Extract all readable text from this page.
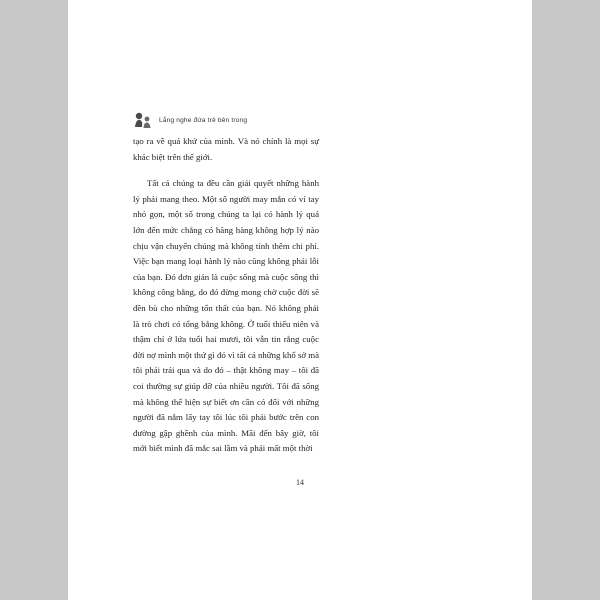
Lắng nghe đứa trẻ bên trong

tạo ra về quá khứ của mình. Và nó chính là mọi sự khác biệt trên thế giới.

Tất cả chúng ta đều cần giải quyết những hành lý phải mang theo. Một số người may mắn có ví tay nhỏ gọn, một số trong chúng ta lại có hành lý quá lớn đến mức chẳng có hãng hàng không hợp lý nào chịu vận chuyển chúng mà không tính thêm chi phí. Việc bạn mang loại hành lý nào cũng không phải lỗi của bạn. Đó đơn giản là cuộc sống mà cuộc sống thì không công bằng, do đó đừng mong chờ cuộc đời sẽ đền bù cho những tổn thất của bạn. Nó không phải là trò chơi có tổng bằng không. Ở tuổi thiếu niên và thậm chí ở lứa tuổi hai mươi, tôi vẫn tin rằng cuộc đời nợ mình một thứ gì đó vì tất cả những khổ sở mà tôi phải trải qua và do đó – thật không may – tôi đã coi thường sự giúp đỡ của nhiều người. Tôi đã sống mà không thể hiện sự biết ơn cần có đối với những người đã nắm lấy tay tôi lúc tôi phải bước trên con đường gập ghềnh của mình. Mãi đến bây giờ, tôi mới biết mình đã mắc sai lầm và phải mất một thời

14
